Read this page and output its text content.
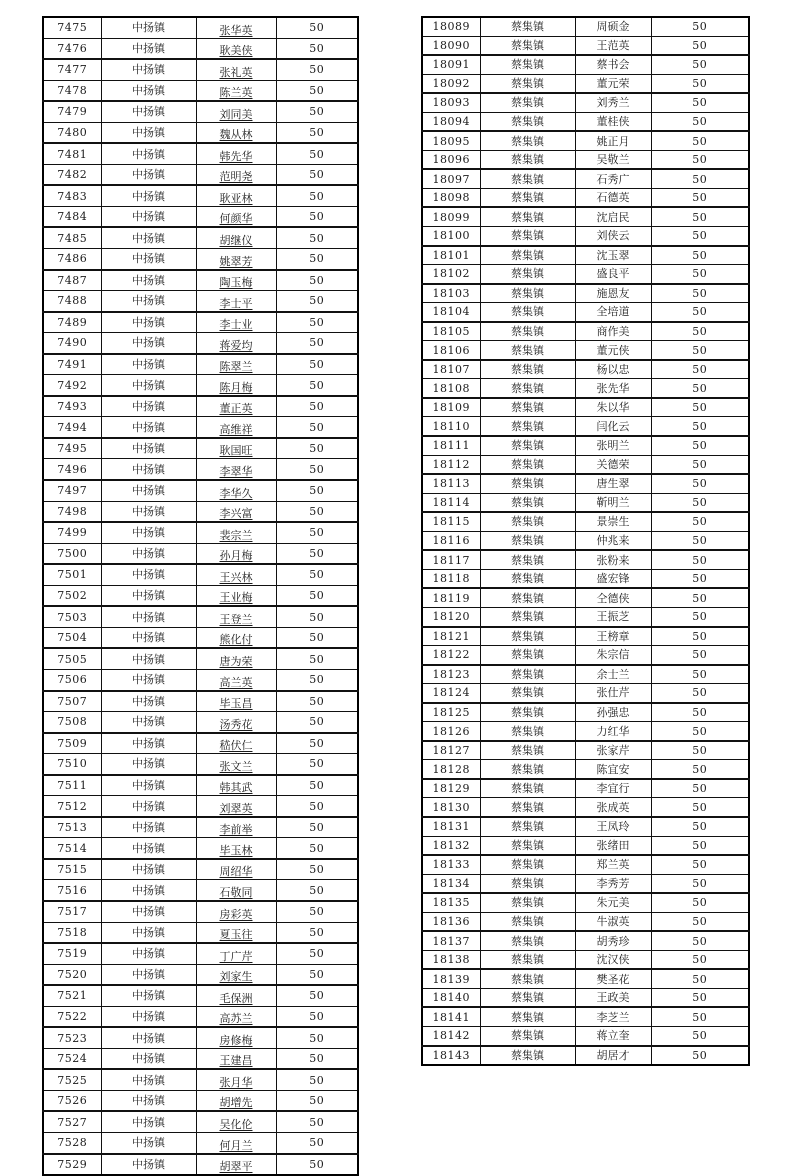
7475	中扬镇	张华英	50
7476	中扬镇	耿美侠	50
7477	中扬镇	张礼英	50
7478	中扬镇	陈兰英	50
7479	中扬镇	刘同美	50
7480	中扬镇	魏从林	50
7481	中扬镇	韩先华	50
7482	中扬镇	范明尧	50
7483	中扬镇	耿亚林	50
7484	中扬镇	何颜华	50
7485	中扬镇	胡继仪	50
7486	中扬镇	姚翠芳	50
7487	中扬镇	陶玉梅	50
7488	中扬镇	李士平	50
7489	中扬镇	李士业	50
7490	中扬镇	蒋爱均	50
7491	中扬镇	陈翠兰	50
7492	中扬镇	陈月梅	50
7493	中扬镇	董正英	50
7494	中扬镇	高维祥	50
7495	中扬镇	耿国旺	50
7496	中扬镇	李翠华	50
7497	中扬镇	李华久	50
7498	中扬镇	李兴富	50
7499	中扬镇	裴宗兰	50
7500	中扬镇	孙月梅	50
7501	中扬镇	王兴林	50
7502	中扬镇	王业梅	50
7503	中扬镇	王登兰	50
7504	中扬镇	熊化付	50
7505	中扬镇	唐为荣	50
7506	中扬镇	高兰英	50
7507	中扬镇	毕玉昌	50
7508	中扬镇	汤秀花	50
7509	中扬镇	嵇伏仁	50
7510	中扬镇	张文兰	50
7511	中扬镇	韩其武	50
7512	中扬镇	刘翠英	50
7513	中扬镇	李前举	50
7514	中扬镇	毕玉林	50
7515	中扬镇	周绍华	50
7516	中扬镇	石敬同	50
7517	中扬镇	房彩英	50
7518	中扬镇	夏玉往	50
7519	中扬镇	丁广芹	50
7520	中扬镇	刘家生	50
7521	中扬镇	毛保洲	50
7522	中扬镇	高苏兰	50
7523	中扬镇	房修梅	50
7524	中扬镇	王建昌	50
7525	中扬镇	张月华	50
7526	中扬镇	胡增先	50
7527	中扬镇	吴化伦	50
7528	中扬镇	何月兰	50
7529	中扬镇	胡翠平	50
18089	蔡集镇	周硕金	50
18090	蔡集镇	王范英	50
18091	蔡集镇	蔡书会	50
18092	蔡集镇	董元荣	50
18093	蔡集镇	刘秀兰	50
18094	蔡集镇	董桂侠	50
18095	蔡集镇	姚正月	50
18096	蔡集镇	吴敬兰	50
18097	蔡集镇	石秀广	50
18098	蔡集镇	石德英	50
18099	蔡集镇	沈启民	50
18100	蔡集镇	刘侠云	50
18101	蔡集镇	沈玉翠	50
18102	蔡集镇	盛良平	50
18103	蔡集镇	施恩友	50
18104	蔡集镇	全培道	50
18105	蔡集镇	商作美	50
18106	蔡集镇	董元侠	50
18107	蔡集镇	杨以忠	50
18108	蔡集镇	张先华	50
18109	蔡集镇	朱以华	50
18110	蔡集镇	闫化云	50
18111	蔡集镇	张明兰	50
18112	蔡集镇	关德荣	50
18113	蔡集镇	唐生翠	50
18114	蔡集镇	靳明兰	50
18115	蔡集镇	景崇生	50
18116	蔡集镇	仲兆来	50
18117	蔡集镇	张粉来	50
18118	蔡集镇	盛宏锋	50
18119	蔡集镇	仝德侠	50
18120	蔡集镇	王振芝	50
18121	蔡集镇	王榜章	50
18122	蔡集镇	朱宗信	50
18123	蔡集镇	余士兰	50
18124	蔡集镇	张仕芹	50
18125	蔡集镇	孙强忠	50
18126	蔡集镇	力红华	50
18127	蔡集镇	张家芹	50
18128	蔡集镇	陈宜安	50
18129	蔡集镇	李宜行	50
18130	蔡集镇	张成英	50
18131	蔡集镇	王凤玲	50
18132	蔡集镇	张绪田	50
18133	蔡集镇	郑兰英	50
18134	蔡集镇	李秀芳	50
18135	蔡集镇	朱元美	50
18136	蔡集镇	牛淑英	50
18137	蔡集镇	胡秀珍	50
18138	蔡集镇	沈汉侠	50
18139	蔡集镇	樊圣花	50
18140	蔡集镇	王政美	50
18141	蔡集镇	李芝兰	50
18142	蔡集镇	蒋立奎	50
18143	蔡集镇	胡居才	50
